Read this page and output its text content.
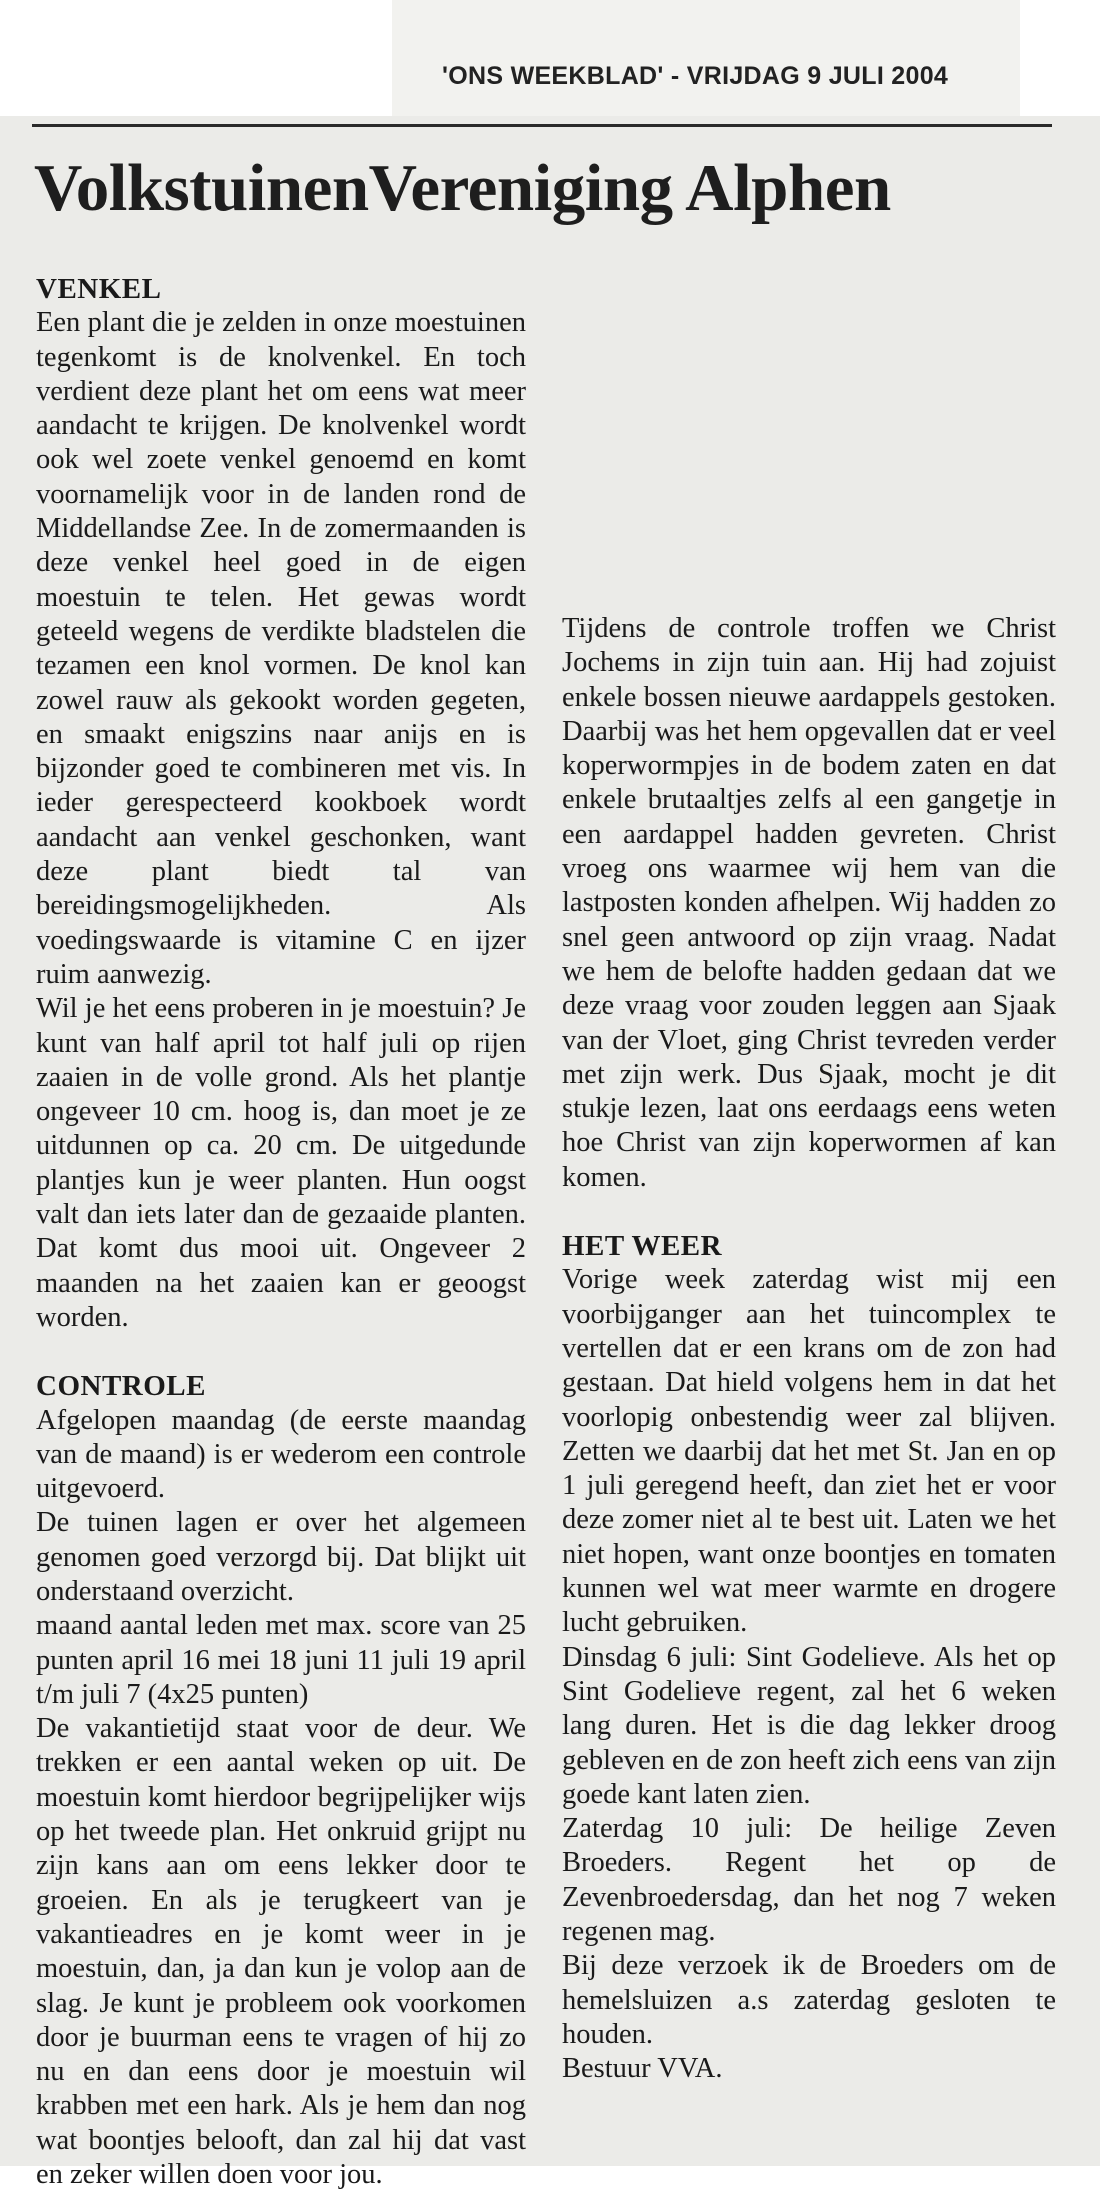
'ONS WEEKBLAD' - VRIJDAG 9 JULI 2004
VolkstuinenVereniging Alphen
VENKEL

Een plant die je zelden in onze moestuinen tegenkomt is de knolvenkel. En toch verdient deze plant het om eens wat meer aandacht te krijgen. De knolvenkel wordt ook wel zoete venkel genoemd en komt voornamelijk voor in de landen rond de Middellandse Zee. In de zomermaanden is deze venkel heel goed in de eigen moestuin te telen. Het gewas wordt geteeld wegens de verdikte bladstelen die tezamen een knol vormen. De knol kan zowel rauw als gekookt worden gegeten, en smaakt enigszins naar anijs en is bijzonder goed te combineren met vis. In ieder gerespecteerd kookboek wordt aandacht aan venkel geschonken, want deze plant biedt tal van bereidingsmogelijkheden. Als voedingswaarde is vitamine C en ijzer ruim aanwezig.

Wil je het eens proberen in je moestuin? Je kunt van half april tot half juli op rijen zaaien in de volle grond. Als het plantje ongeveer 10 cm. hoog is, dan moet je ze uitdunnen op ca. 20 cm. De uitgedunde plantjes kun je weer planten. Hun oogst valt dan iets later dan de gezaaide planten. Dat komt dus mooi uit. Ongeveer 2 maanden na het zaaien kan er geoogst worden.

CONTROLE

Afgelopen maandag (de eerste maandag van de maand) is er wederom een controle uitgevoerd.

De tuinen lagen er over het algemeen genomen goed verzorgd bij. Dat blijkt uit onderstaand overzicht.

maand aantal leden met max. score van 25 punten april 16 mei 18 juni 11 juli 19 april t/m juli 7 (4x25 punten)

De vakantietijd staat voor de deur. We trekken er een aantal weken op uit. De moestuin komt hierdoor begrijpelijker wijs op het tweede plan. Het onkruid grijpt nu zijn kans aan om eens lekker door te groeien. En als je terugkeert van je vakantieadres en je komt weer in je moestuin, dan, ja dan kun je volop aan de slag. Je kunt je probleem ook voorkomen door je buurman eens te vragen of hij zo nu en dan eens door je moestuin wil krabben met een hark. Als je hem dan nog wat boontjes belooft, dan zal hij dat vast en zeker willen doen voor jou.

Tijdens de controle troffen we Christ Jochems in zijn tuin aan. Hij had zojuist enkele bossen nieuwe aardappels gestoken. Daarbij was het hem opgevallen dat er veel koperwormpjes in de bodem zaten en dat enkele brutaaltjes zelfs al een gangetje in een aardappel hadden gevreten. Christ vroeg ons waarmee wij hem van die lastposten konden afhelpen. Wij hadden zo snel geen antwoord op zijn vraag. Nadat we hem de belofte hadden gedaan dat we deze vraag voor zouden leggen aan Sjaak van der Vloet, ging Christ tevreden verder met zijn werk. Dus Sjaak, mocht je dit stukje lezen, laat ons eerdaags eens weten hoe Christ van zijn koperwormen af kan komen.

HET WEER

Vorige week zaterdag wist mij een voorbijganger aan het tuincomplex te vertellen dat er een krans om de zon had gestaan. Dat hield volgens hem in dat het voorlopig onbestendig weer zal blijven. Zetten we daarbij dat het met St. Jan en op 1 juli geregend heeft, dan ziet het er voor deze zomer niet al te best uit. Laten we het niet hopen, want onze boontjes en tomaten kunnen wel wat meer warmte en drogere lucht gebruiken.

Dinsdag 6 juli: Sint Godelieve. Als het op Sint Godelieve regent, zal het 6 weken lang duren. Het is die dag lekker droog gebleven en de zon heeft zich eens van zijn goede kant laten zien.

Zaterdag 10 juli: De heilige Zeven Broeders. Regent het op de Zevenbroedersdag, dan het nog 7 weken regenen mag.

Bij deze verzoek ik de Broeders om de hemelsluizen a.s zaterdag gesloten te houden.

Bestuur VVA.
